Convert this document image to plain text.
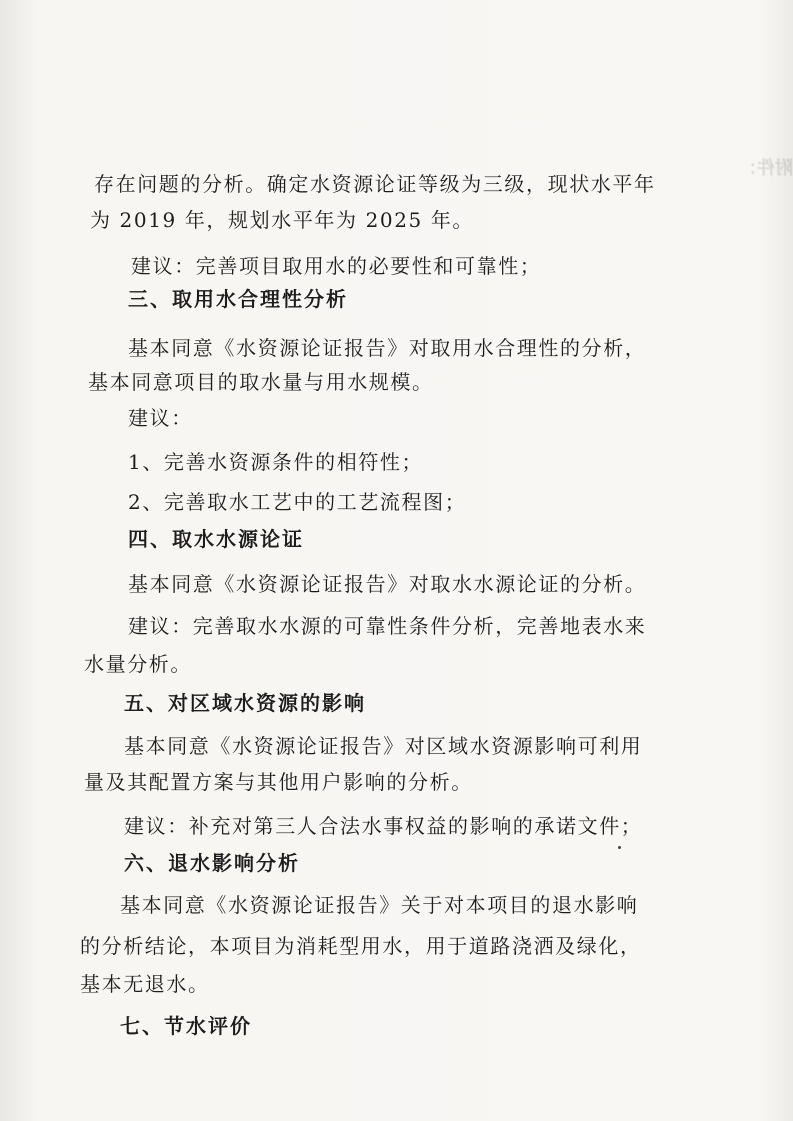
附件：
存在问题的分析。确定水资源论证等级为三级，现状水平年
为 2019 年，规划水平年为 2025 年。
建议：完善项目取用水的必要性和可靠性；
三、取用水合理性分析
基本同意《水资源论证报告》对取用水合理性的分析，
基本同意项目的取水量与用水规模。
建议：
1、完善水资源条件的相符性；
2、完善取水工艺中的工艺流程图；
四、取水水源论证
基本同意《水资源论证报告》对取水水源论证的分析。
建议：完善取水水源的可靠性条件分析，完善地表水来
水量分析。
五、对区域水资源的影响
基本同意《水资源论证报告》对区域水资源影响可利用
量及其配置方案与其他用户影响的分析。
建议：补充对第三人合法水事权益的影响的承诺文件；
六、退水影响分析
基本同意《水资源论证报告》关于对本项目的退水影响
的分析结论，本项目为消耗型用水，用于道路浇洒及绿化，
基本无退水。
七、节水评价
